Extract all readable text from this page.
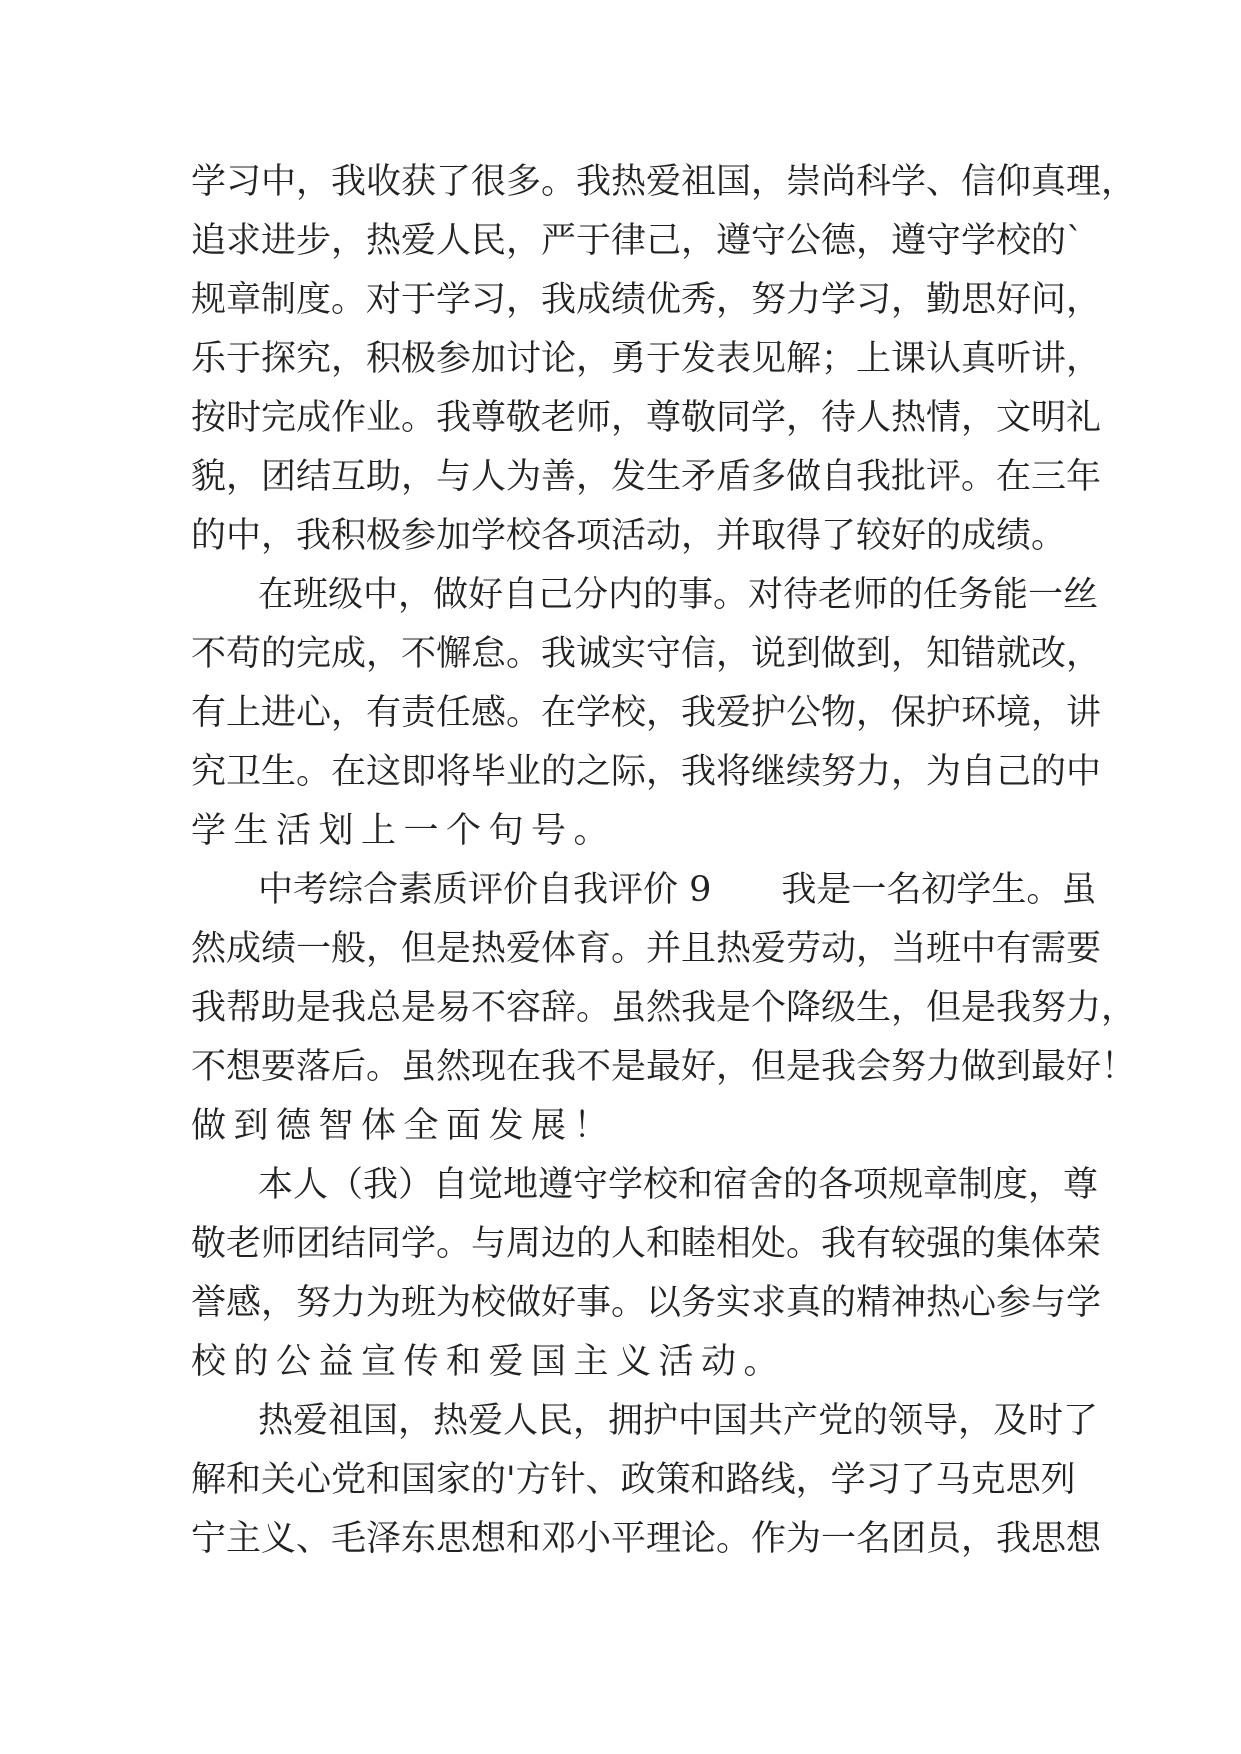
学习中，我收获了很多。我热爱祖国，崇尚科学、信仰真理，

追求进步，热爱人民，严于律己，遵守公德，遵守学校的`

规章制度。对于学习，我成绩优秀，努力学习，勤思好问，

乐于探究，积极参加讨论，勇于发表见解；上课认真听讲，

按时完成作业。我尊敬老师，尊敬同学，待人热情，文明礼

貌，团结互助，与人为善，发生矛盾多做自我批评。在三年

的中，我积极参加学校各项活动，并取得了较好的成绩。

在班级中，做好自己分内的事。对待老师的任务能一丝

不苟的完成，不懈怠。我诚实守信，说到做到，知错就改，

有上进心，有责任感。在学校，我爱护公物，保护环境，讲

究卫生。在这即将毕业的之际，我将继续努力，为自己的中

学生活划上一个句号。

中考综合素质评价自我评价 9　　我是一名初学生。虽

然成绩一般，但是热爱体育。并且热爱劳动，当班中有需要

我帮助是我总是易不容辞。虽然我是个降级生，但是我努力，

不想要落后。虽然现在我不是最好，但是我会努力做到最好！

做到德智体全面发展！

本人（我）自觉地遵守学校和宿舍的各项规章制度，尊

敬老师团结同学。与周边的人和睦相处。我有较强的集体荣

誉感，努力为班为校做好事。以务实求真的精神热心参与学

校的公益宣传和爱国主义活动。

热爱祖国，热爱人民，拥护中国共产党的领导，及时了

解和关心党和国家的'方针、政策和路线，学习了马克思列

宁主义、毛泽东思想和邓小平理论。作为一名团员，我思想
